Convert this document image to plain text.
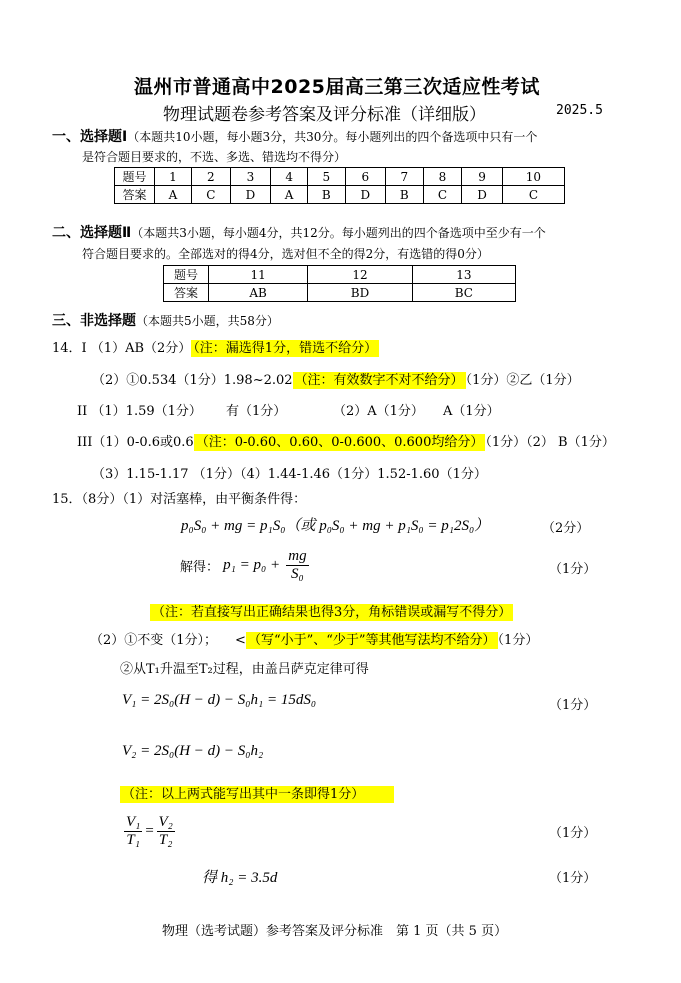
温州市普通高中2025届高三第三次适应性考试
物理试题卷参考答案及评分标准（详细版）	2025.5
一、选择题Ⅰ（本题共10小题，每小题3分，共30分。每小题列出的四个备选项中只有一个
是符合题目要求的，不选、多选、错选均不得分）
题号	1	2	3	4	5	6	7	8	9	10
答案	A	C	D	A	B	D	B	C	D	C
二、选择题Ⅱ（本题共3小题，每小题4分，共12分。每小题列出的四个备选项中至少有一个
符合题目要求的。全部选对的得4分，选对但不全的得2分，有选错的得0分）
题号	11	12	13
答案	AB	BD	BC
三、非选择题（本题共5小题，共58分）
14．I （1）AB（2分） （注：漏选得1分，错选不给分）
（2）①0.534（1分）1.98~2.02 （注：有效数字不对不给分） （1分）②乙（1分）
II （1）1.59（1分） 有（1分）	（2）A（1分） A（1分）
III（1）0-0.6或0.6 （注：0-0.60、0.60、0-0.600、0.600均给分） （1分）（2） B（1分）
（3）1.15-1.17 （1分）（4）1.44-1.46（1分）1.52-1.60（1分）
15．（8分）（1）对活塞棒，由平衡条件得：
p₀S₀ + mg = p₁S₀（或 p₀S₀ + mg + p₁S₀ = p₁2S₀）	（2分）
解得： $p_1 = p_0 + \frac{mg}{\text{S₀}}$	（1分）
（注：若直接写出正确结果也得3分，角标错误或漏写不得分）
（2）①不变（1分）； < （写“小于”、“少于”等其他写法均不给分） （1分）
②从T₁升温至T₂过程，由盖吕萨克定律可得
V₁ = 2S₀(H − d) − S₀h₁ = 15dS₀	（1分）
V₂ = 2S₀(H − d) − S₀h₂
（注：以上两式能写出其中一条即得1分）
$\frac{\text{V₁}}{\text{T₁}} = \frac{\text{V₂}}{\text{T₂}}$	（1分）
得 h₂ = 3.5d	（1分）
物理（选考试题）参考答案及评分标准　第 1 页（共 5 页）
